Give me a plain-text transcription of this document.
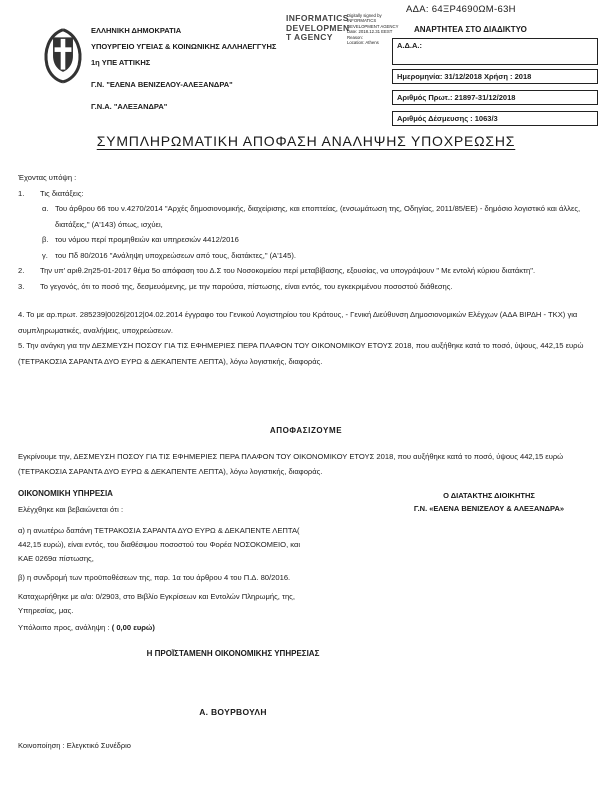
ΑΔΑ: 64ΞΡ4690ΩΜ-63Η
ΑΝΑΡΤΗΤΕΑ ΣΤΟ ΔΙΑΔΙΚΤΥΟ
ΕΛΛΗΝΙΚΗ ΔΗΜΟΚΡΑΤΙΑ
ΥΠΟΥΡΓΕΙΟ ΥΓΕΙΑΣ & ΚΟΙΝΩΝΙΚΗΣ ΑΛΛΗΛΕΓΓΥΗΣ
1η ΥΠΕ ΑΤΤΙΚΗΣ
Γ.Ν. "ΕΛΕΝΑ ΒΕΝΙΖΕΛΟΥ-ΑΛΕΞΑΝΔΡΑ"
Γ.Ν.Α. "ΑΛΕΞΑΝΔΡΑ"
INFORMATICS
DEVELOPMEN
T AGENCY
Digitally signed by
INFORMATICS
DEVELOPMENT AGENCY
Date: 2018.12.31 EEST
Reason:
Location: Athens	Α.Δ.Α.:
Ημερομηνία: 31/12/2018 Χρήση : 2018
Αριθμός Πρωτ.: 21897-31/12/2018
Αριθμός Δέσμευσης : 1063/3
ΣΥΜΠΛΗΡΩΜΑΤΙΚΗ ΑΠΟΦΑΣΗ ΑΝΑΛΗΨΗΣ ΥΠΟΧΡΕΩΣΗΣ
Έχοντας υπόψη :
1. Τις διατάξεις:
α. Του άρθρου 66 του ν.4270/2014 "Αρχές δημοσιονομικής, διαχείρισης, και εποπτείας, (ενσωμάτωση της, Οδηγίας, 2011/85/ΕΕ) - δημόσιο λογιστικό και άλλες, διατάξεις," (Α'143) όπως, ισχύει,
β. του νόμου περί προμηθειών και υπηρεσιών 4412/2016
γ. του Πδ 80/2016 "Ανάληψη υποχρεώσεων από τους, διατάκτες," (Α'145).
2. Την υπ' αριθ.2η25-01-2017 θέμα 5ο απόφαση του Δ.Σ του Νοσοκομείου περί μεταβίβασης, εξουσίας, να υπογράψουν " Με εντολή κύριου διατάκτη".
3. Το γεγονός, ότι το ποσό της, δεσμευόμενης, με την παρούσα, πίστωσης, είναι εντός, του εγκεκριμένου ποσοστού διάθεσης.
4. Το με αρ.πρωτ. 285239|0026|2012|04.02.2014 έγγραφο του Γενικού Λογιστηρίου του Κράτους, - Γενική Διεύθυνση Δημοσιονομικών Ελέγχων (ΑΔΑ ΒΙΡΔΗ - ΤΚΧ) για συμπληρωματικές, αναλήψεις, υποχρεώσεων.
5. Την ανάγκη για την ΔΕΣΜΕΥΣΗ ΠΟΣΟΥ ΓΙΑ ΤΙΣ ΕΦΗΜΕΡΙΕΣ ΠΕΡΑ ΠΛΑΦΟΝ ΤΟΥ ΟΙΚΟΝΟΜΙΚΟΥ ΕΤΟΥΣ 2018, που αυξήθηκε κατά το ποσό, ύψους, 442,15 ευρώ (ΤΕΤΡΑΚΟΣΙΑ ΣΑΡΑΝΤΑ ΔΥΟ ΕΥΡΩ & ΔΕΚΑΠΕΝΤΕ ΛΕΠΤΑ), λόγω λογιστικής, διαφοράς.
ΑΠΟΦΑΣΙΖΟΥΜΕ
Εγκρίνουμε την, ΔΕΣΜΕΥΣΗ ΠΟΣΟΥ ΓΙΑ ΤΙΣ ΕΦΗΜΕΡΙΕΣ ΠΕΡΑ ΠΛΑΦΟΝ ΤΟΥ ΟΙΚΟΝΟΜΙΚΟΥ ΕΤΟΥΣ 2018, που αυξήθηκε κατά το ποσό, ύψους 442,15 ευρώ (ΤΕΤΡΑΚΟΣΙΑ ΣΑΡΑΝΤΑ ΔΥΟ ΕΥΡΩ & ΔΕΚΑΠΕΝΤΕ ΛΕΠΤΑ), λόγω λογιστικής, διαφοράς.
ΟΙΚΟΝΟΜΙΚΗ ΥΠΗΡΕΣΙΑ	Ο ΔΙΑΤΑΚΤΗΣ ΔΙΟΙΚΗΤΗΣ
Γ.Ν. «ΕΛΕΝΑ ΒΕΝΙΖΕΛΟΥ & ΑΛΕΞΑΝΔΡΑ»
Ελέγχθηκε και βεβαιώνεται ότι :
α) η ανωτέρω δαπάνη ΤΕΤΡΑΚΟΣΙΑ ΣΑΡΑΝΤΑ ΔΥΟ ΕΥΡΩ & ΔΕΚΑΠΕΝΤΕ ΛΕΠΤΑ( 442,15 ευρώ), είναι εντός, του διαθέσιμου ποσοστού του Φορέα ΝΟΣΟΚΟΜΕΙΟ, και ΚΑΕ 0269α πίστωσης,
β) η συνδρομή των προϋποθέσεων της, παρ. 1α του άρθρου 4 του Π.Δ. 80/2016.
Καταχωρήθηκε με α/α: 0/2903, στο Βιβλίο Εγκρίσεων και Εντολών Πληρωμής, της, Υπηρεσίας, μας.
Υπόλοιπο προς, ανάληψη : ( 0,00 ευρώ)
Η ΠΡΟΪΣΤΑΜΕΝΗ ΟΙΚΟΝΟΜΙΚΗΣ ΥΠΗΡΕΣΙΑΣ
Α. ΒΟΥΡΒΟΥΛΗ
Κοινοποίηση : Ελεγκτικό Συνέδριο
